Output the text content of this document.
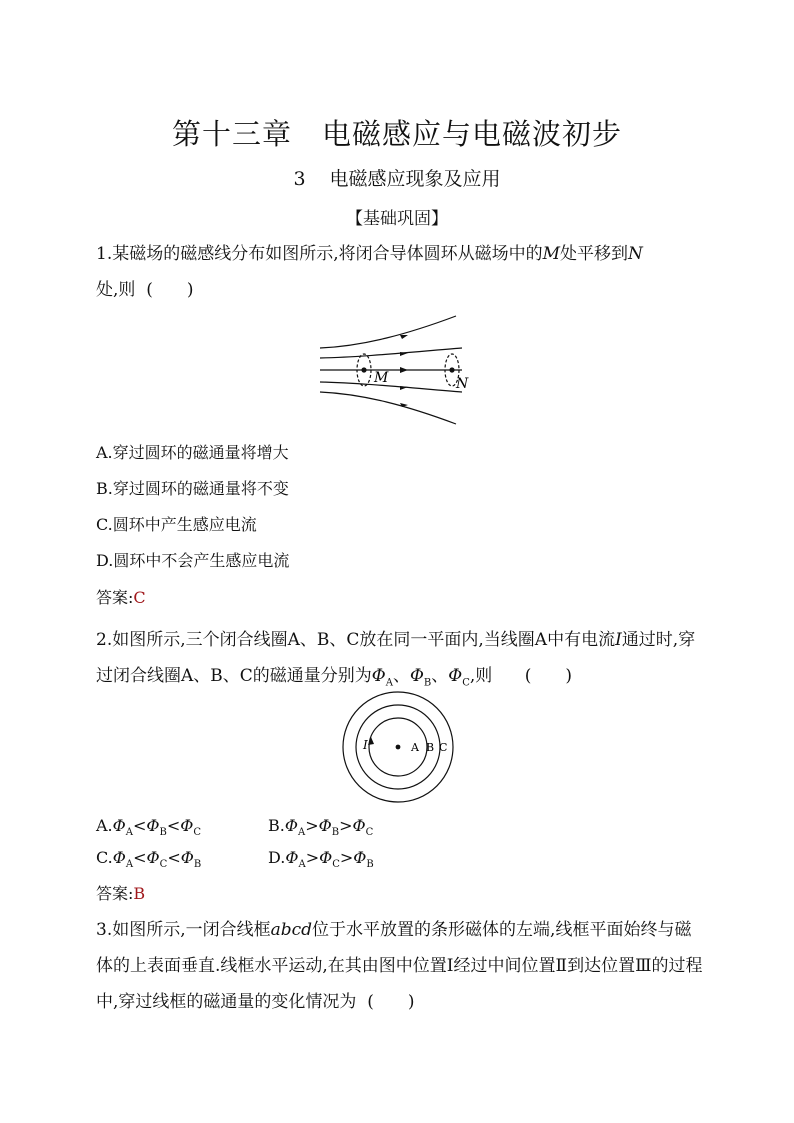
第十三章　电磁感应与电磁波初步
3 电磁感应现象及应用
【基础巩固】
1.某磁场的磁感线分布如图所示,将闭合导体圆环从磁场中的M处平移到N
处,则 (　　)
M	N
A.穿过圆环的磁通量将增大
B.穿过圆环的磁通量将不变
C.圆环中产生感应电流
D.圆环中不会产生感应电流
答案:C
2.如图所示,三个闭合线圈A、B、C放在同一平面内,当线圈A中有电流I通过时,穿过闭合线圈A、B、C的磁通量分别为$\Phi_A$、$\Phi_B$、$\Phi_C$,则 (　　)
I	A B C
$A.\Phi_A<\Phi_B<\Phi_C$	$B.\Phi_A>\Phi_B>\Phi_C$
$C.\Phi_A<\Phi_C<\Phi_B$	$D.\Phi_A>\Phi_C>\Phi_B$
答案:B
3.如图所示,一闭合线框abcd位于水平放置的条形磁体的左端,线框平面始终与磁体的上表面垂直.线框水平运动,在其由图中位置Ⅰ经过中间位置Ⅱ到达位置Ⅲ的过程中,穿过线框的磁通量的变化情况为 (　　)
